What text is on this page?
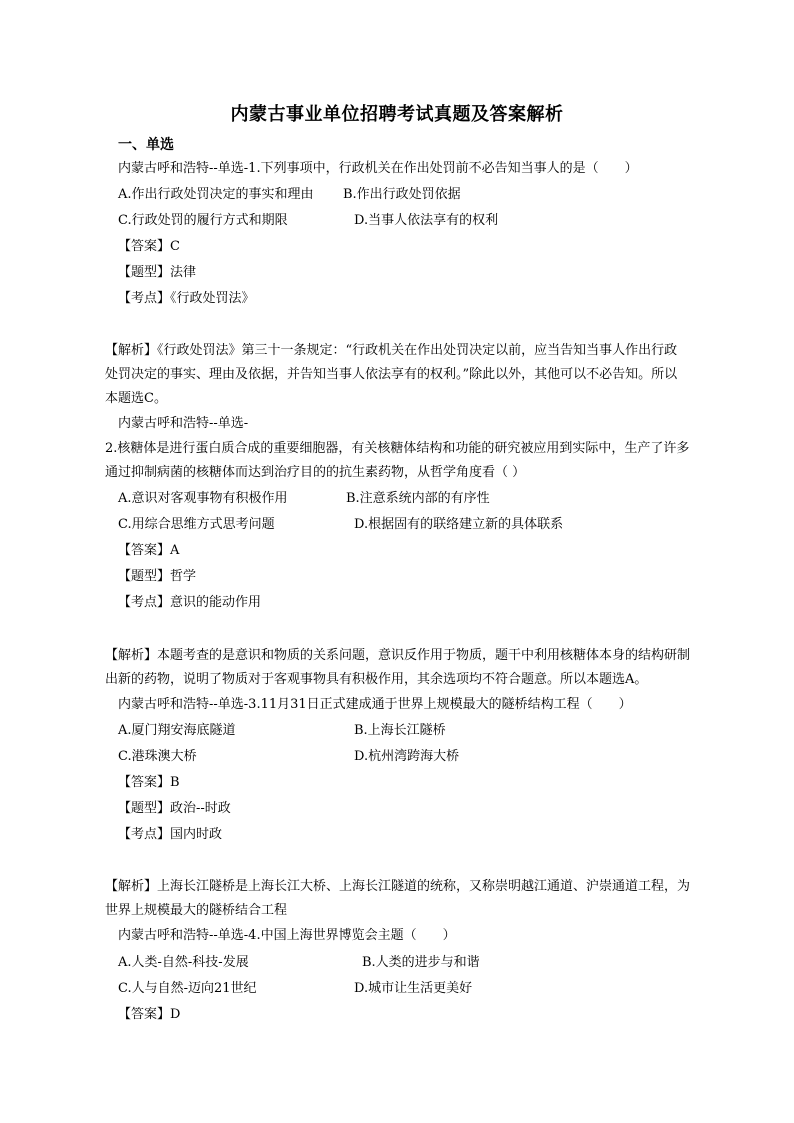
内蒙古事业单位招聘考试真题及答案解析
一、单选
内蒙古呼和浩特--单选-1.下列事项中，行政机关在作出处罚前不必告知当事人的是（　　）
A.作出行政处罚决定的事实和理由 B.作出行政处罚依据
C.行政处罚的履行方式和期限	D.当事人依法享有的权利
【答案】C
【题型】法律
【考点】《行政处罚法》
【解析】《行政处罚法》第三十一条规定：“行政机关在作出处罚决定以前，应当告知当事人作出行政处罚决定的事实、理由及依据，并告知当事人依法享有的权利。”除此以外，其他可以不必告知。所以本题选C。
内蒙古呼和浩特--单选-
2.核糖体是进行蛋白质合成的重要细胞器，有关核糖体结构和功能的研究被应用到实际中，生产了许多通过抑制病菌的核糖体而达到治疗目的的抗生素药物，从哲学角度看（ ）
A.意识对客观事物有积极作用	B.注意系统内部的有序性
C.用综合思维方式思考问题	D.根据固有的联络建立新的具体联系
【答案】A
【题型】哲学
【考点】意识的能动作用
【解析】本题考查的是意识和物质的关系问题，意识反作用于物质，题干中利用核糖体本身的结构研制出新的药物，说明了物质对于客观事物具有积极作用，其余选项均不符合题意。所以本题选A。
内蒙古呼和浩特--单选-3.11月31日正式建成通于世界上规模最大的隧桥结构工程（　　）
A.厦门翔安海底隧道	B.上海长江隧桥
C.港珠澳大桥	D.杭州湾跨海大桥
【答案】B
【题型】政治--时政
【考点】国内时政
【解析】上海长江隧桥是上海长江大桥、上海长江隧道的统称，又称崇明越江通道、沪崇通道工程，为世界上规模最大的隧桥结合工程
内蒙古呼和浩特--单选-4.中国上海世界博览会主题（　　）
A.人类-自然-科技-发展	B.人类的进步与和谐
C.人与自然-迈向21世纪	D.城市让生活更美好
【答案】D
